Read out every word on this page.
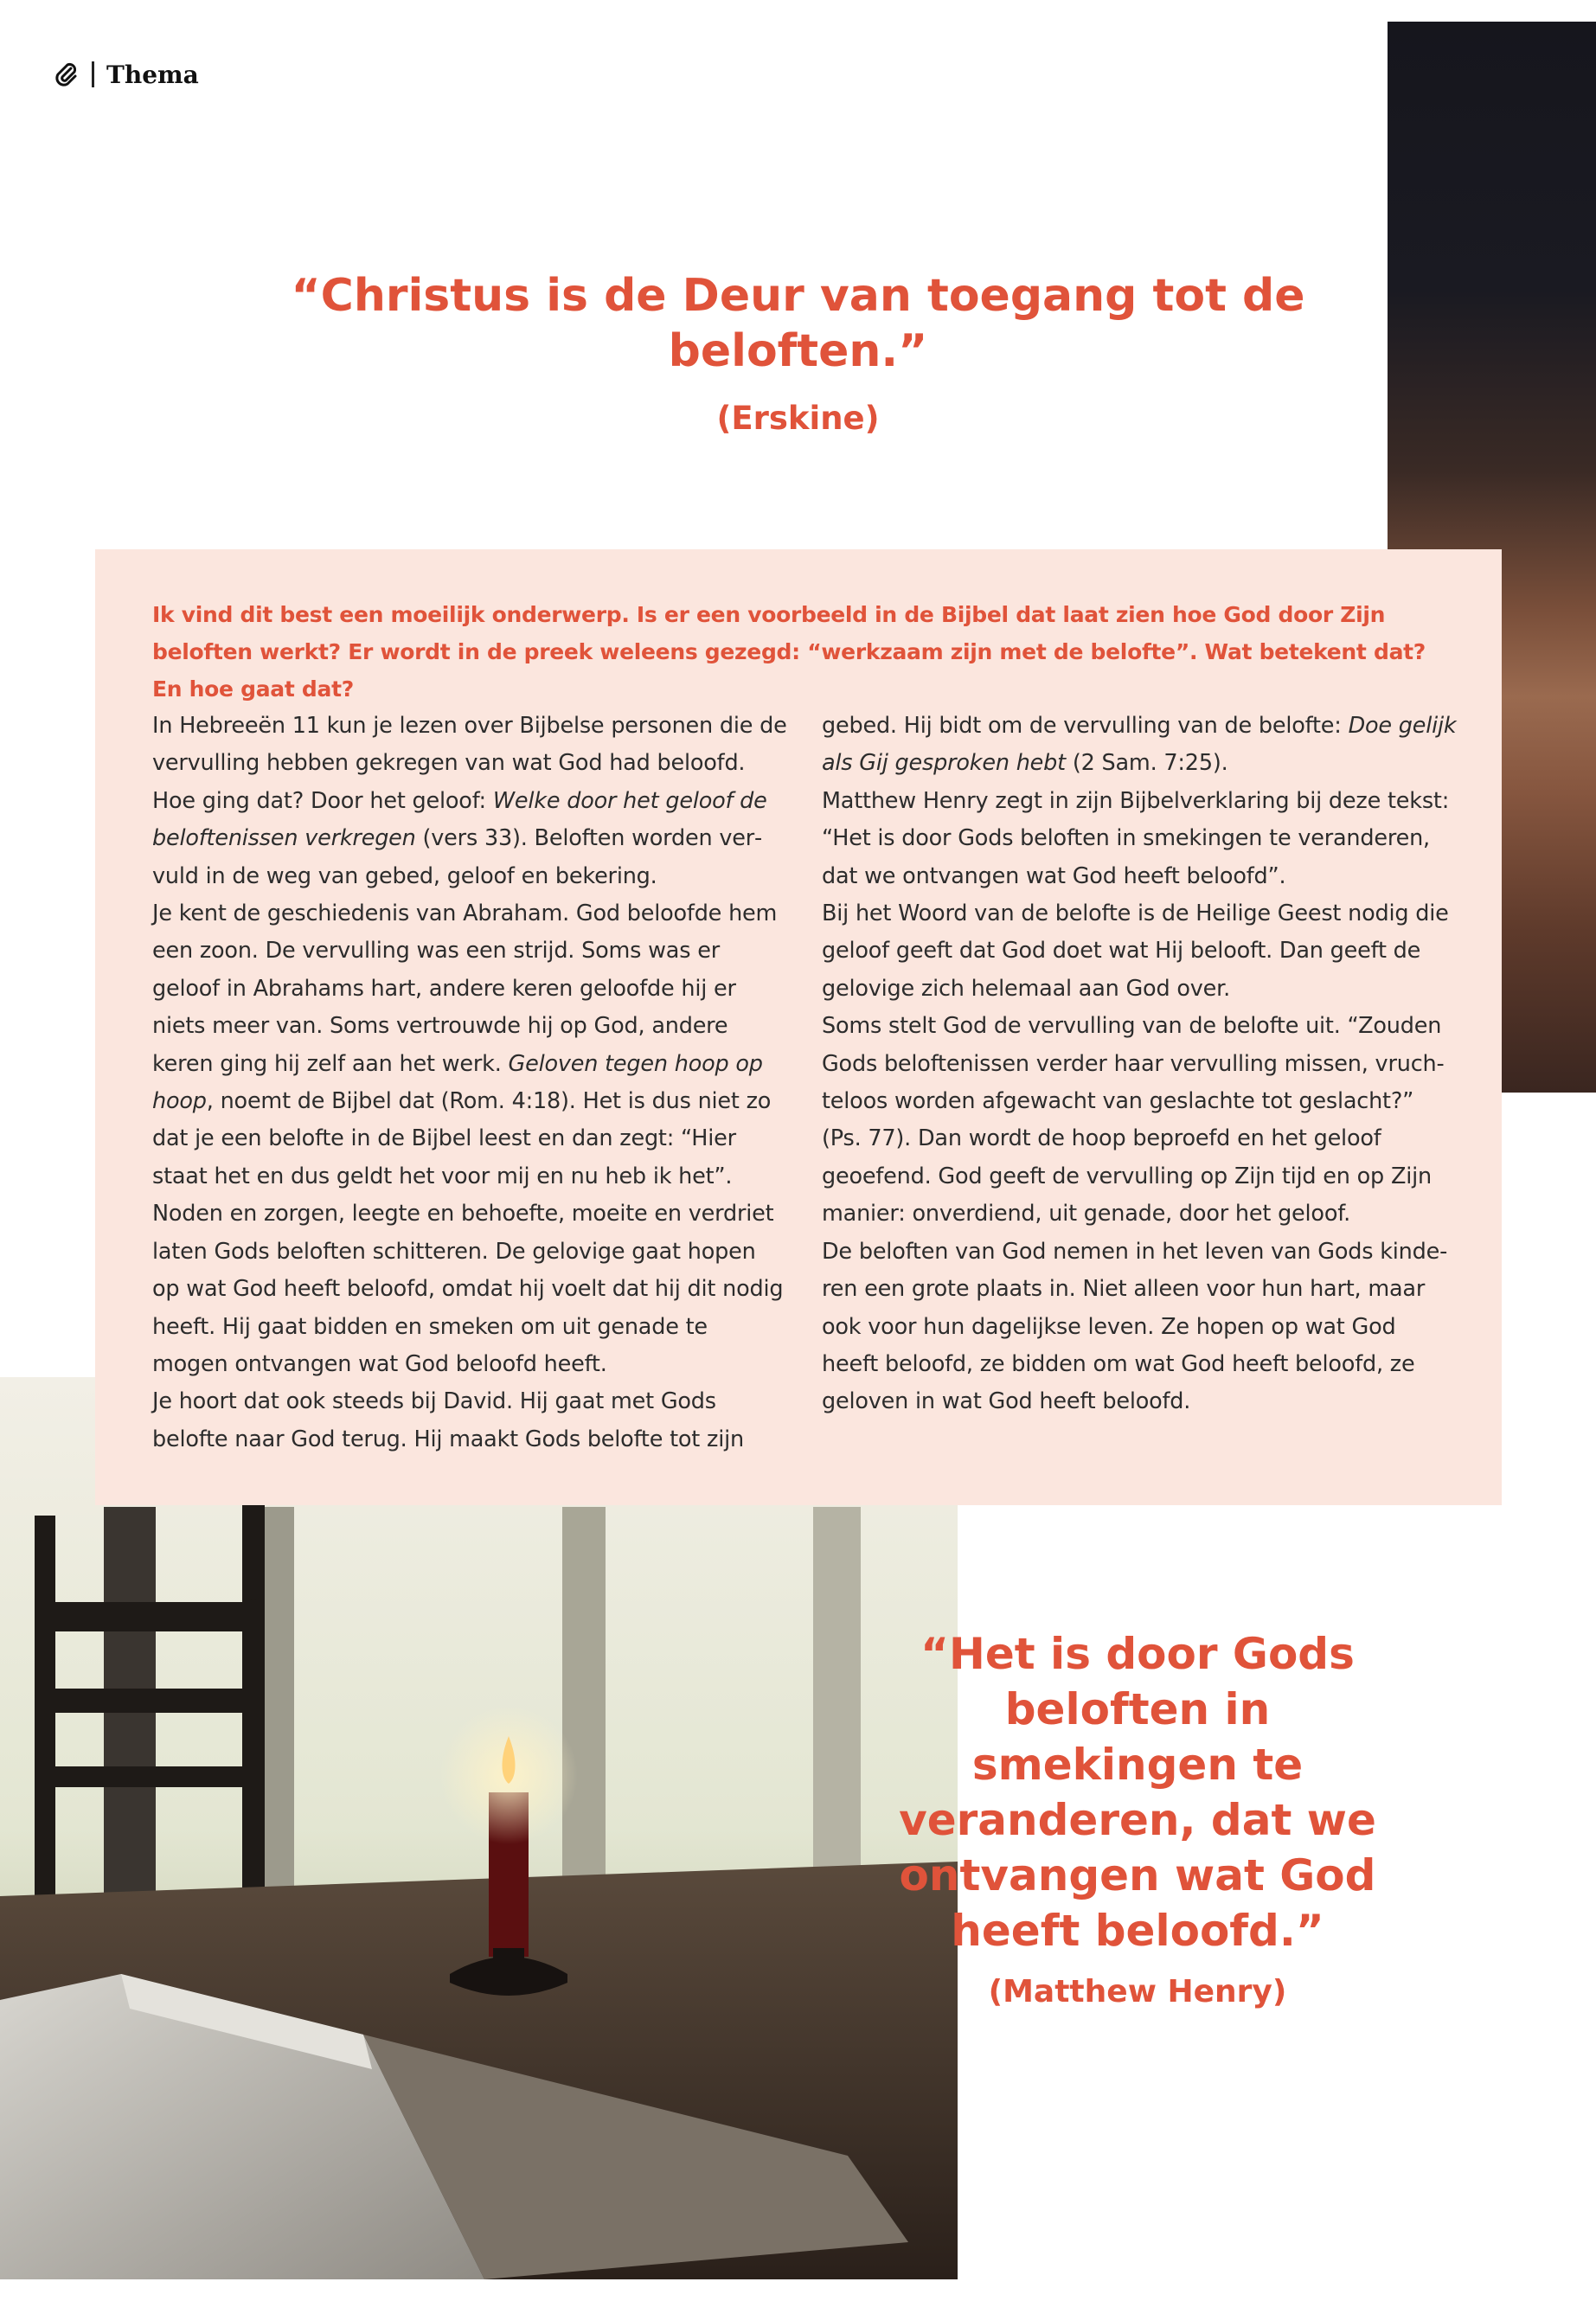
Thema
“Christus is de Deur van toegang tot de beloften.”
(Erskine)
Ik vind dit best een moeilijk onderwerp. Is er een voorbeeld in de Bijbel dat laat zien hoe God door Zijn beloften werkt? Er wordt in de preek weleens gezegd: “werkzaam zijn met de belofte”. Wat betekent dat? En hoe gaat dat?

In Hebreeën 11 kun je lezen over Bijbelse personen die de vervulling hebben gekregen van wat God had beloofd. Hoe ging dat? Door het geloof: Welke door het geloof de beloftenissen verkregen (vers 33). Beloften worden vervuld in de weg van gebed, geloof en bekering.

Je kent de geschiedenis van Abraham. God beloofde hem een zoon. De vervulling was een strijd. Soms was er geloof in Abrahams hart, andere keren geloofde hij er niets meer van. Soms vertrouwde hij op God, andere keren ging hij zelf aan het werk. Geloven tegen hoop op hoop, noemt de Bijbel dat (Rom. 4:18). Het is dus niet zo dat je een belofte in de Bijbel leest en dan zegt: “Hier staat het en dus geldt het voor mij en nu heb ik het”. Noden en zorgen, leegte en behoefte, moeite en verdriet laten Gods beloften schitteren. De gelovige gaat hopen op wat God heeft beloofd, omdat hij voelt dat hij dit nodig heeft. Hij gaat bidden en smeken om uit genade te mogen ontvangen wat God beloofd heeft.

Je hoort dat ook steeds bij David. Hij gaat met Gods belofte naar God terug. Hij maakt Gods belofte tot zijn

gebed. Hij bidt om de vervulling van de belofte: Doe gelijk als Gij gesproken hebt (2 Sam. 7:25).

Matthew Henry zegt in zijn Bijbelverklaring bij deze tekst: “Het is door Gods beloften in smekingen te veranderen, dat we ontvangen wat God heeft beloofd”.

Bij het Woord van de belofte is de Heilige Geest nodig die geloof geeft dat God doet wat Hij belooft. Dan geeft de gelovige zich helemaal aan God over.

Soms stelt God de vervulling van de belofte uit. “Zouden Gods beloftenissen verder haar vervulling missen, vruchteloos worden afgewacht van geslachte tot geslacht?” (Ps. 77). Dan wordt de hoop beproefd en het geloof geoefend. God geeft de vervulling op Zijn tijd en op Zijn manier: onverdiend, uit genade, door het geloof.

De beloften van God nemen in het leven van Gods kinderen een grote plaats in. Niet alleen voor hun hart, maar ook voor hun dagelijkse leven. Ze hopen op wat God heeft beloofd, ze bidden om wat God heeft beloofd, ze geloven in wat God heeft beloofd.

“Het is door Gods beloften in smekingen te veranderen, dat we ontvangen wat God heeft beloofd.”
(Matthew Henry)
